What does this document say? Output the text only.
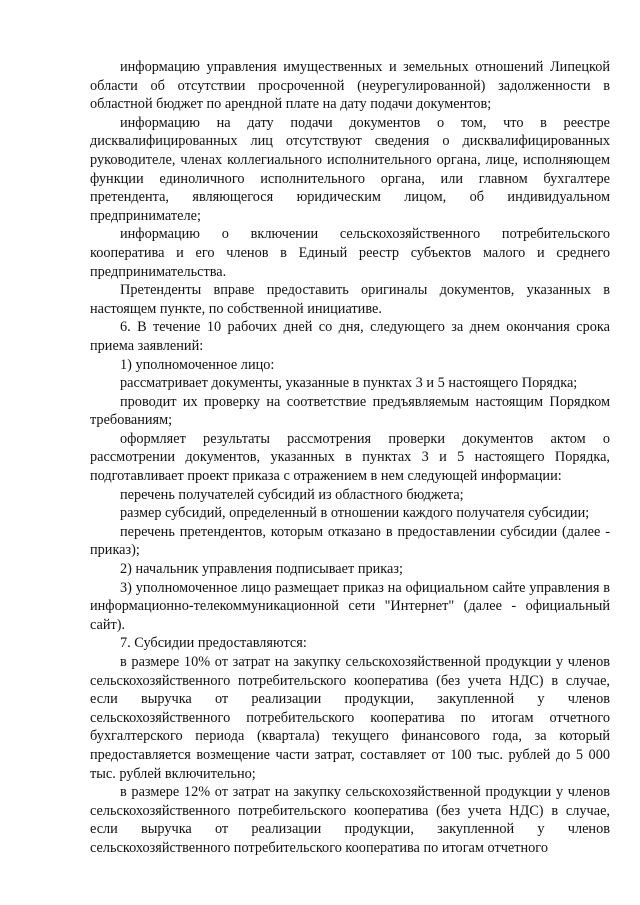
информацию управления имущественных и земельных отношений Липецкой области об отсутствии просроченной (неурегулированной) задолженности в областной бюджет по арендной плате на дату подачи документов;

информацию на дату подачи документов о том, что в реестре дисквалифицированных лиц отсутствуют сведения о дисквалифицированных руководителе, членах коллегиального исполнительного органа, лице, исполняющем функции единоличного исполнительного органа, или главном бухгалтере претендента, являющегося юридическим лицом, об индивидуальном предпринимателе;

информацию о включении сельскохозяйственного потребительского кооператива и его членов в Единый реестр субъектов малого и среднего предпринимательства.

Претенденты вправе предоставить оригиналы документов, указанных в настоящем пункте, по собственной инициативе.

6. В течение 10 рабочих дней со дня, следующего за днем окончания срока приема заявлений:

1) уполномоченное лицо:

рассматривает документы, указанные в пунктах 3 и 5 настоящего Порядка;

проводит их проверку на соответствие предъявляемым настоящим Порядком требованиям;

оформляет результаты рассмотрения проверки документов актом о рассмотрении документов, указанных в пунктах 3 и 5 настоящего Порядка, подготавливает проект приказа с отражением в нем следующей информации:

перечень получателей субсидий из областного бюджета;

размер субсидий, определенный в отношении каждого получателя субсидии;

перечень претендентов, которым отказано в предоставлении субсидии (далее - приказ);

2) начальник управления подписывает приказ;

3) уполномоченное лицо размещает приказ на официальном сайте управления в информационно-телекоммуникационной сети "Интернет" (далее - официальный сайт).

7. Субсидии предоставляются:

в размере 10% от затрат на закупку сельскохозяйственной продукции у членов сельскохозяйственного потребительского кооператива (без учета НДС) в случае, если выручка от реализации продукции, закупленной у членов сельскохозяйственного потребительского кооператива по итогам отчетного бухгалтерского периода (квартала) текущего финансового года, за который предоставляется возмещение части затрат, составляет от 100 тыс. рублей до 5 000 тыс. рублей включительно;

в размере 12% от затрат на закупку сельскохозяйственной продукции у членов сельскохозяйственного потребительского кооператива (без учета НДС) в случае, если выручка от реализации продукции, закупленной у членов сельскохозяйственного потребительского кооператива по итогам отчетного
